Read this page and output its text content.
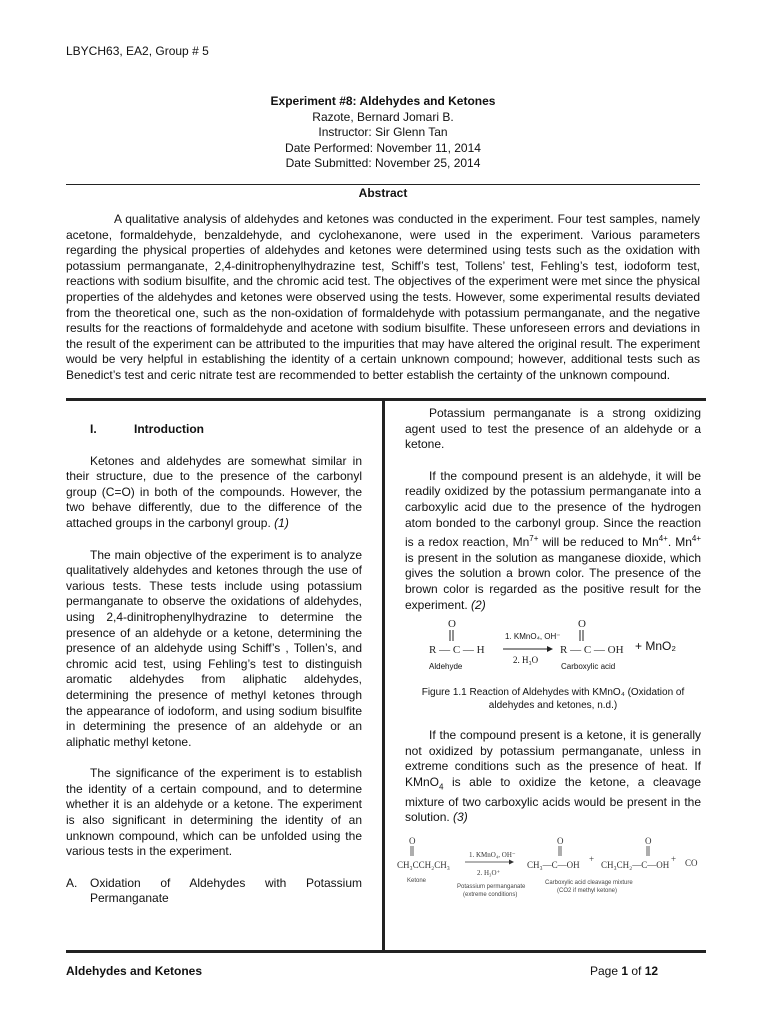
LBYCH63, EA2, Group # 5
Experiment #8: Aldehydes and Ketones
Razote, Bernard Jomari B.
Instructor: Sir Glenn Tan
Date Performed: November 11, 2014
Date Submitted: November 25, 2014
Abstract

A qualitative analysis of aldehydes and ketones was conducted in the experiment. Four test samples, namely acetone, formaldehyde, benzaldehyde, and cyclohexanone, were used in the experiment. Various parameters regarding the physical properties of aldehydes and ketones were determined using tests such as the oxidation with potassium permanganate, 2,4-dinitrophenylhydrazine test, Schiff’s test, Tollens’ test, Fehling’s test, iodoform test, reactions with sodium bisulfite, and the chromic acid test. The objectives of the experiment were met since the physical properties of the aldehydes and ketones were observed using the tests. However, some experimental results deviated from the theoretical one, such as the non-oxidation of formaldehyde with potassium permanganate, and the negative results for the reactions of formaldehyde and acetone with sodium bisulfite. These unforeseen errors and deviations in the result of the experiment can be attributed to the impurities that may have altered the original result. The experiment would be very helpful in establishing the identity of a certain unknown compound; however, additional tests such as Benedict’s test and ceric nitrate test are recommended to better establish the certainty of the unknown compound.

I.	Introduction

Ketones and aldehydes are somewhat similar in their structure, due to the presence of the carbonyl group (C=O) in both of the compounds. However, the two behave differently, due to the difference of the attached groups in the carbonyl group. (1)

The main objective of the experiment is to analyze qualitatively aldehydes and ketones through the use of various tests. These tests include using potassium permanganate to observe the oxidations of aldehydes, using 2,4-dinitrophenylhydrazine to determine the presence of an aldehyde or a ketone, determining the presence of an aldehyde using Schiff’s , Tollen’s, and chromic acid test, using Fehling’s test to distinguish aromatic aldehydes from aliphatic aldehydes, determining the presence of methyl ketones through the appearance of iodoform, and using sodium bisulfite in determining the presence of an aldehyde or an aliphatic methyl ketone.

The significance of the experiment is to establish the identity of a certain compound, and to determine whether it is an aldehyde or a ketone. The experiment is also significant in determining the identity of an unknown compound, which can be unfolded using the various tests in the experiment.

A.	Oxidation of Aldehydes with Potassium Permanganate

Potassium permanganate is a strong oxidizing agent used to test the presence of an aldehyde or a ketone.

If the compound present is an aldehyde, it will be readily oxidized by the potassium permanganate into a carboxylic acid due to the presence of the hydrogen atom bonded to the carbonyl group. Since the reaction is a redox reaction, $Mn^{7+}$ will be reduced to $Mn^{4+}$. $Mn^{4+}$ is present in the solution as manganese dioxide, which gives the solution a brown color. The presence of the brown color is regarded as the positive result for the experiment. (2)

O
R — C — H
O
R — C — OH
1. KMnO₄, OH⁻
2. H₃O
Aldehyde	Carboxylic acid
+ MnO₂
Figure 1.1 Reaction of Aldehydes with KMnO₄ (Oxidation of aldehydes and ketones, n.d.)

If the compound present is a ketone, it is generally not oxidized by potassium permanganate, unless in extreme conditions such as the presence of heat. If KMnO$_4$ is able to oxidize the ketone, a cleavage mixture of two carboxylic acids would be present in the solution. (3)

O	O	O
CH₃CCH₂CH₃
1. KMnO₄, OH⁻
2. H₃O⁺
Ketone
Potassium permanganate
(extreme conditions)
CH₃—C—OH
+
CH₃CH₂—C—OH
+ CO
Carboxylic acid cleavage mixture
(CO2 if methyl ketone)
Aldehydes and Ketones	Page 1 of 12
